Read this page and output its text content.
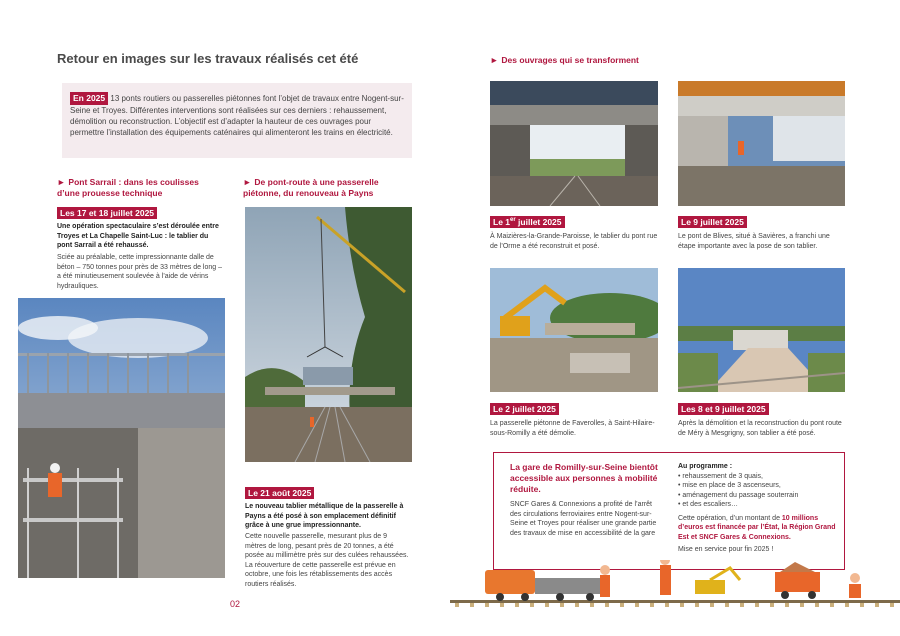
Retour en images sur les travaux réalisés cet été
En 2025 13 ponts routiers ou passerelles piétonnes font l’objet de travaux entre Nogent-sur-Seine et Troyes. Différentes interventions sont réalisées sur ces derniers : rehaussement, démolition ou reconstruction. L’objectif est d’adapter la hauteur de ces ouvrages pour permettre l’installation des équipements caténaires qui alimenteront les trains en électricité.
► Pont Sarrail : dans les coulisses d’une prouesse technique
Les 17 et 18 juillet 2025
Une opération spectaculaire s’est déroulée entre Troyes et La Chapelle Saint-Luc : le tablier du pont Sarrail a été rehaussé.
Sciée au préalable, cette impressionnante dalle de béton – 750 tonnes pour près de 33 mètres de long – a été minutieusement soulevée à l’aide de vérins hydrauliques.
► De pont-route à une passerelle piétonne, du renouveau à Payns
Le 21 août 2025
Le nouveau tablier métallique de la passerelle à Payns a été posé à son emplacement définitif grâce à une grue impressionnante.
Cette nouvelle passerelle, mesurant plus de 9 mètres de long, pesant près de 20 tonnes, a été posée au millimètre près sur des culées rehaussées. La réouverture de cette passerelle est prévue en octobre, une fois les rétablissements des accès routiers réalisés.
02
► Des ouvrages qui se transforment
Le 1er juillet 2025
À Maizières-la-Grande-Paroisse, le tablier du pont rue de l’Orme a été reconstruit et posé.
Le 9 juillet 2025
Le pont de Blives, situé à Savières, a franchi une étape importante avec la pose de son tablier.
Le 2 juillet 2025
La passerelle piétonne de Faverolles, à Saint-Hilaire-sous-Romilly a été démolie.
Les 8 et 9 juillet 2025
Après la démolition et la reconstruction du pont route de Méry à Mesgrigny, son tablier a été posé.
La gare de Romilly-sur-Seine bientôt accessible aux personnes à mobilité réduite.
SNCF Gares & Connexions a profité de l’arrêt des circulations ferroviaires entre Nogent-sur-Seine et Troyes pour réaliser une grande partie des travaux de mise en accessibilité de la gare
Au programme :
• rehaussement de 3 quais,
• mise en place de 3 ascenseurs,
• aménagement du passage souterrain
• et des escaliers…
Cette opération, d’un montant de 10 millions d’euros est financée par l’État, la Région Grand Est et SNCF Gares & Connexions.
Mise en service pour fin 2025 !
